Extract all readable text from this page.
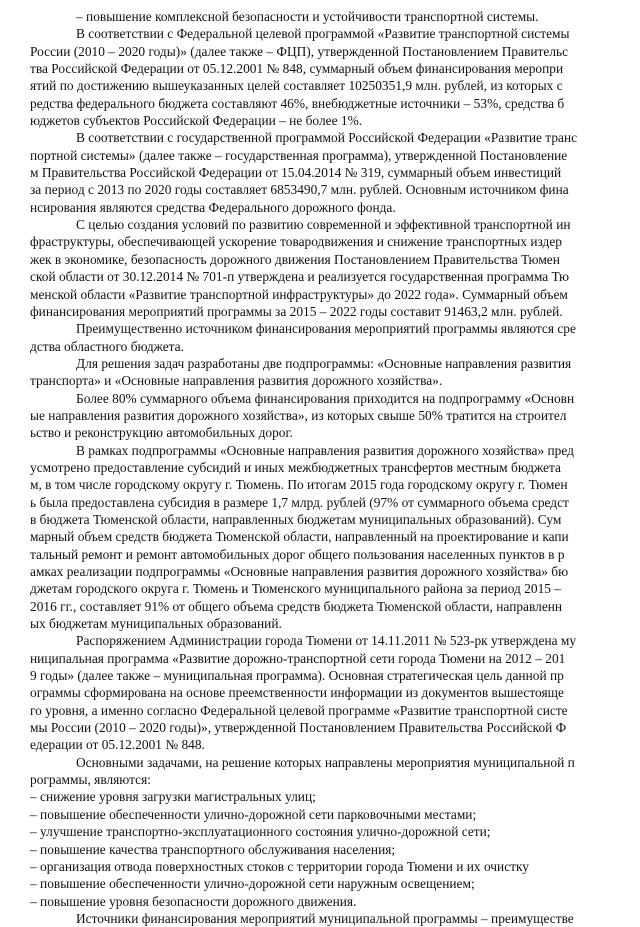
– повышение комплексной безопасности и устойчивости транспортной системы.
В соответствии с Федеральной целевой программой «Развитие транспортной системы
России (2010 – 2020 годы)» (далее также – ФЦП), утвержденной Постановлением Правительс
тва Российской Федерации от 05.12.2001 № 848, суммарный объем финансирования меропри
ятий по достижению вышеуказанных целей составляет 10250351,9 млн. рублей, из которых с
редства федерального бюджета составляют 46%, внебюджетные источники – 53%, средства б
юджетов субъектов Российской Федерации – не более 1%.
В соответствии с государственной программой Российской Федерации «Развитие транс
портной системы» (далее также – государственная программа), утвержденной Постановление
м Правительства Российской Федерации от 15.04.2014 № 319, суммарный объем инвестиций
за период с 2013 по 2020 годы составляет 6853490,7 млн. рублей. Основным источником фина
нсирования являются средства Федерального дорожного фонда.
С целью создания условий по развитию современной и эффективной транспортной ин
фраструктуры, обеспечивающей ускорение товародвижения и снижение транспортных издер
жек в экономике, безопасность дорожного движения Постановлением Правительства Тюмен
ской области от 30.12.2014 № 701-п утверждена и реализуется государственная программа Тю
менской области «Развитие транспортной инфраструктуры» до 2022 года». Суммарный объем
финансирования мероприятий программы за 2015 – 2022 годы составит 91463,2 млн. рублей.
Преимущественно источником финансирования мероприятий программы являются сре
дства областного бюджета.
Для решения задач разработаны две подпрограммы: «Основные направления развития
транспорта» и «Основные направления развития дорожного хозяйства».
Более 80% суммарного объема финансирования приходится на подпрограмму «Основн
ые направления развития дорожного хозяйства», из которых свыше 50% тратится на строител
ьство и реконструкцию автомобильных дорог.
В рамках подпрограммы «Основные направления развития дорожного хозяйства» пред
усмотрено предоставление субсидий и иных межбюджетных трансфертов местным бюджета
м, в том числе городскому округу г. Тюмень. По итогам 2015 года городскому округу г. Тюмен
ь была предоставлена субсидия в размере 1,7 млрд. рублей (97% от суммарного объема средст
в бюджета Тюменской области, направленных бюджетам муниципальных образований). Сум
марный объем средств бюджета Тюменской области, направленный на проектирование и капи
тальный ремонт и ремонт автомобильных дорог общего пользования населенных пунктов в р
амках реализации подпрограммы «Основные направления развития дорожного хозяйства» бю
джетам городского округа г. Тюмень и Тюменского муниципального района за период 2015 –
2016 гг., составляет 91% от общего объема средств бюджета Тюменской области, направленн
ых бюджетам муниципальных образований.
Распоряжением Администрации города Тюмени от 14.11.2011 № 523-рк утверждена му
ниципальная программа «Развитие дорожно-транспортной сети города Тюмени на 2012 – 201
9 годы» (далее также – муниципальная программа). Основная стратегическая цель данной пр
ограммы сформирована на основе преемственности информации из документов вышестояще
го уровня, а именно согласно Федеральной целевой программе «Развитие транспортной систе
мы России (2010 – 2020 годы)», утвержденной Постановлением Правительства Российской Ф
едерации от 05.12.2001 № 848.
Основными задачами, на решение которых направлены мероприятия муниципальной п
рограммы, являются:
– снижение уровня загрузки магистральных улиц;
– повышение обеспеченности улично-дорожной сети парковочными местами;
– улучшение транспортно-эксплуатационного состояния улично-дорожной сети;
– повышение качества транспортного обслуживания населения;
– организация отвода поверхностных стоков с территории города Тюмени и их очистку
– повышение обеспеченности улично-дорожной сети наружным освещением;
– повышение уровня безопасности дорожного движения.
Источники финансирования мероприятий муниципальной программы – преимуществе
